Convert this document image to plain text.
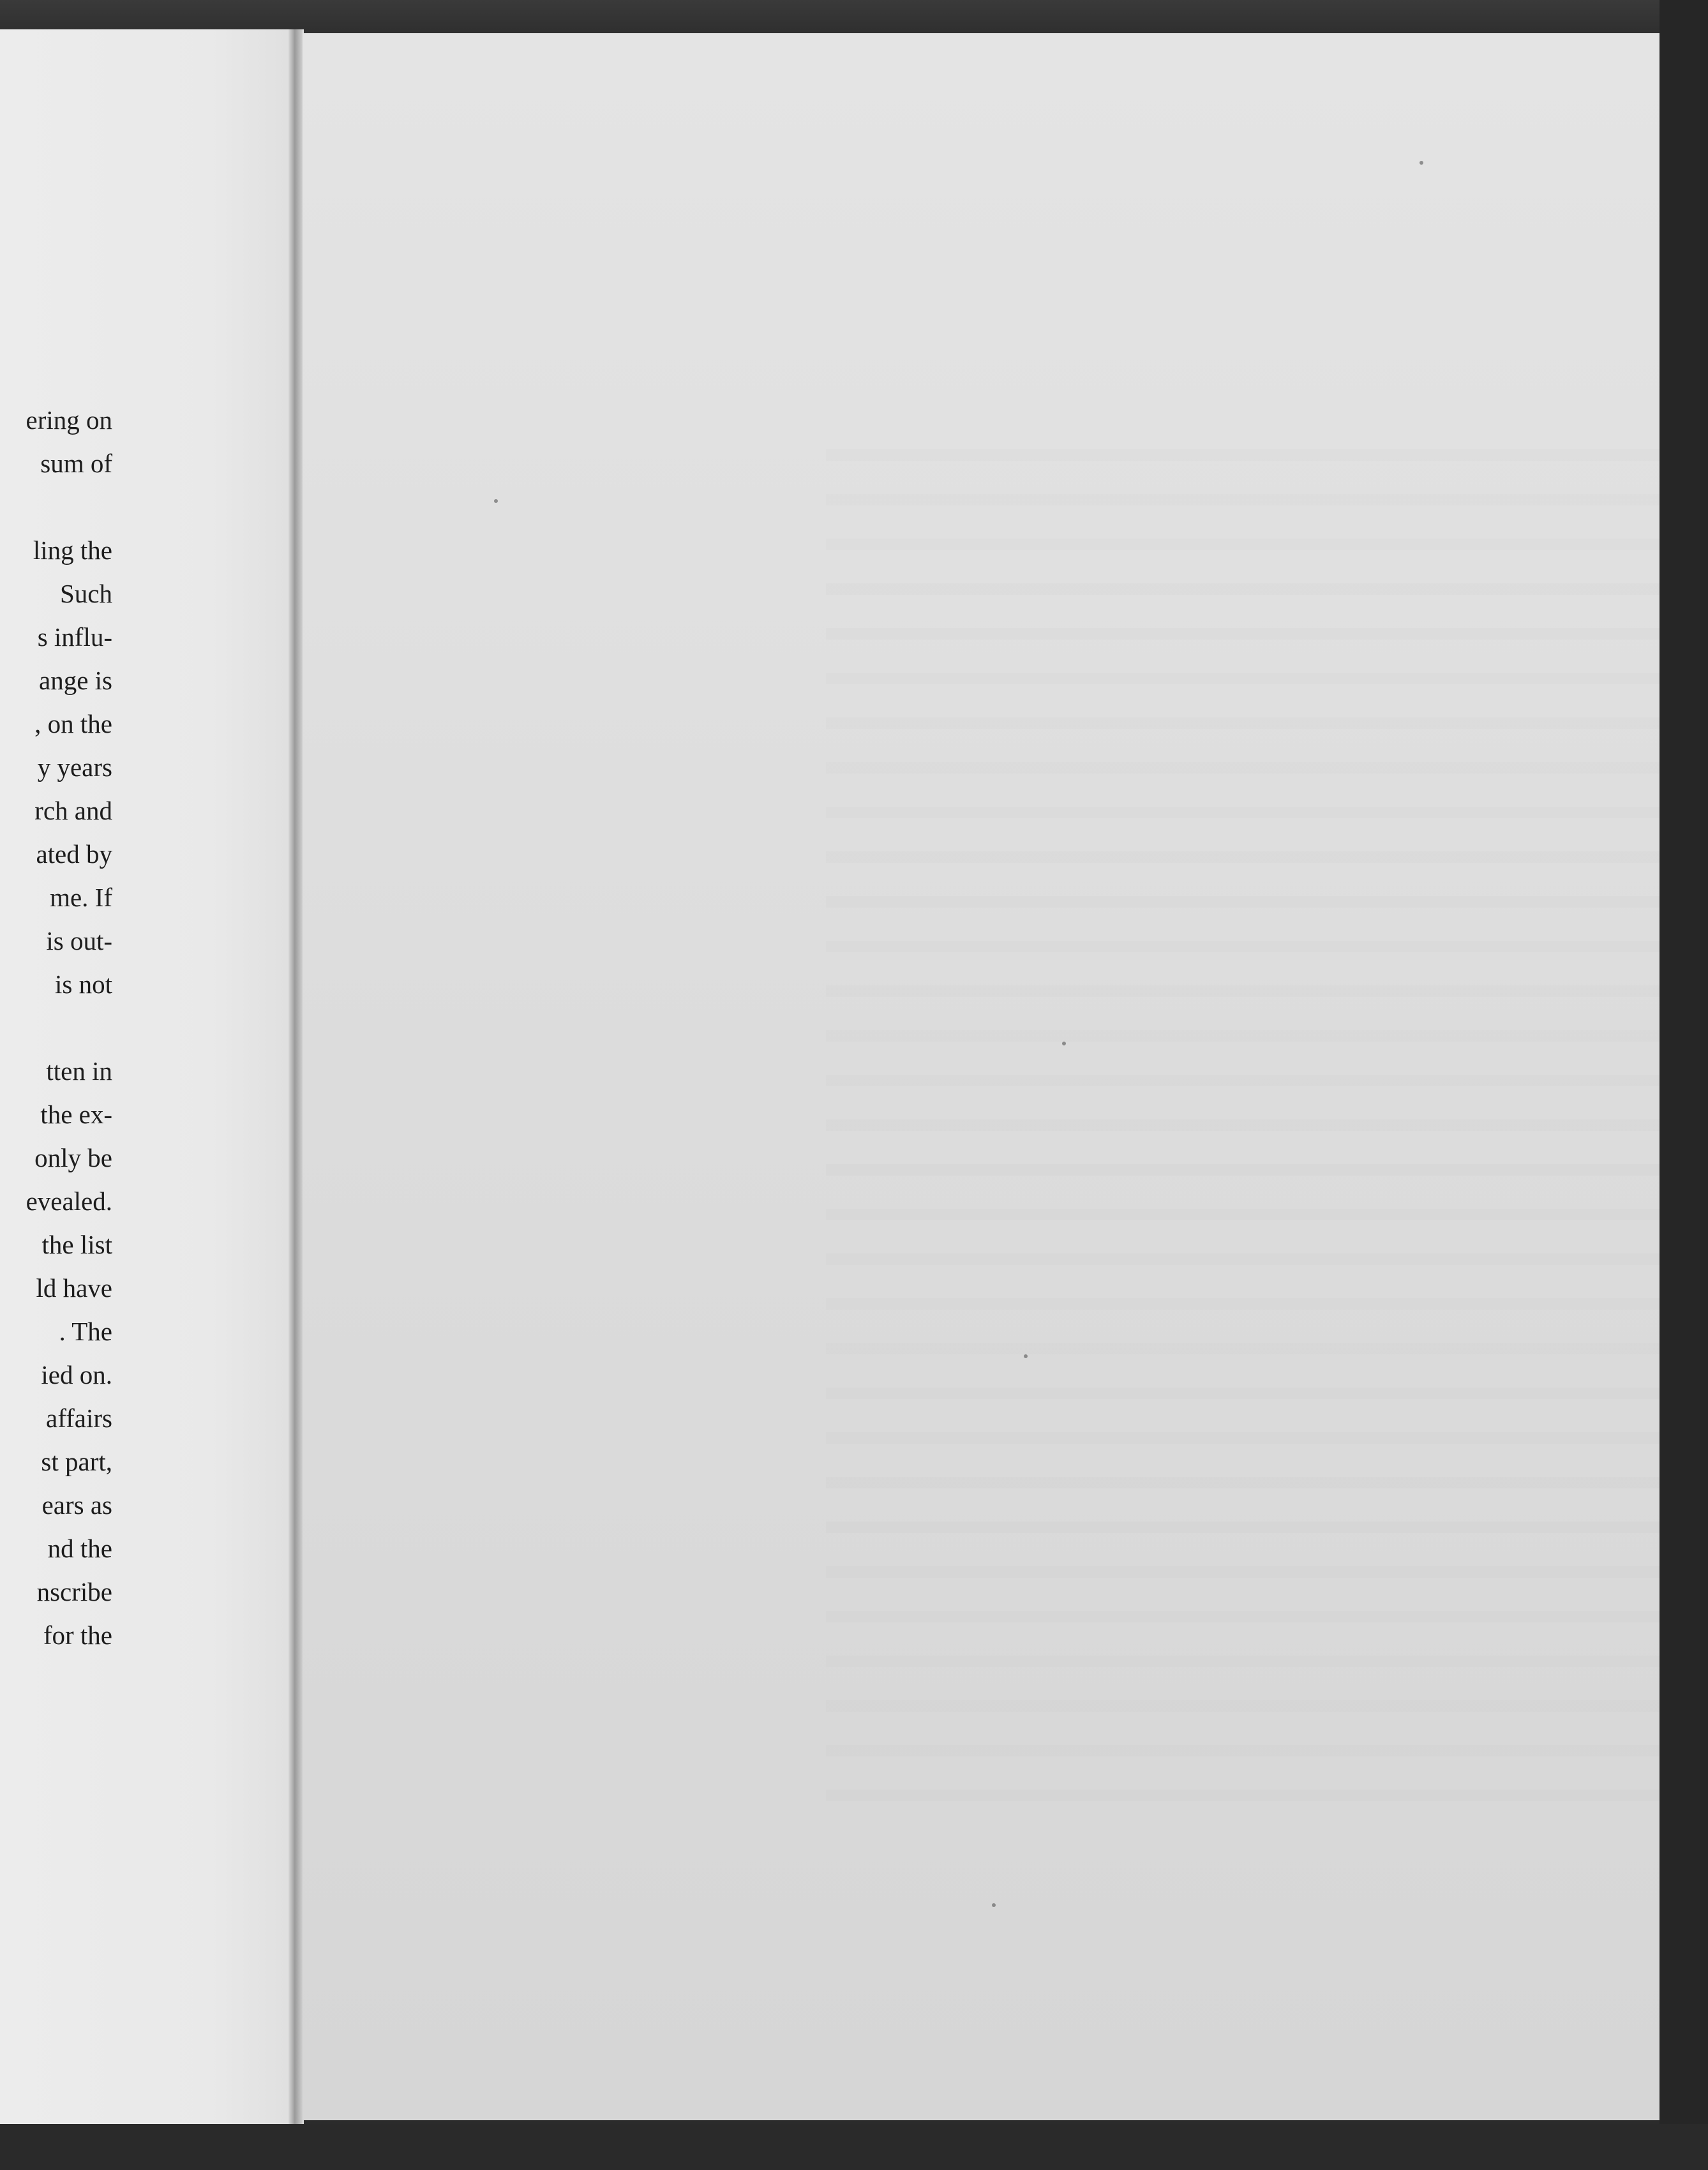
ering on
sum of
ling the
Such
s influ-
ange is
, on the
y years
rch and
ated by
me. If
is out-
is not
tten in
the ex-
only be
evealed.
the list
ld have
. The
ied on.
affairs
st part,
ears as
nd the
nscribe
for the
